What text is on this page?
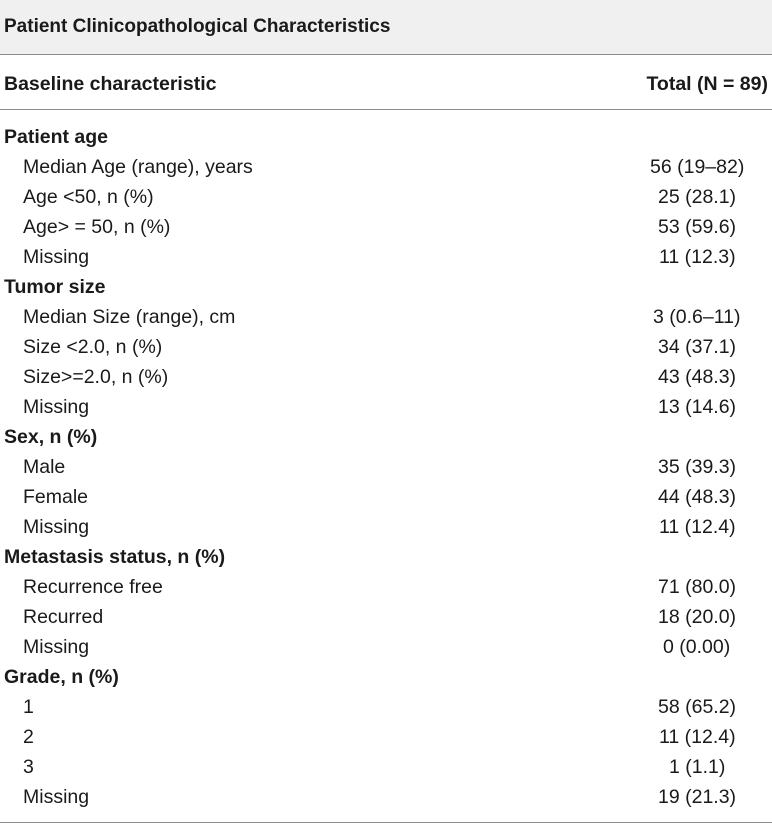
Patient Clinicopathological Characteristics
Baseline characteristic	Total (N = 89)
Patient age
Median Age (range), years	56 (19–82)
Age <50, n (%)	25 (28.1)
Age> = 50, n (%)	53 (59.6)
Missing	11 (12.3)
Tumor size
Median Size (range), cm	3 (0.6–11)
Size <2.0, n (%)	34 (37.1)
Size>=2.0, n (%)	43 (48.3)
Missing	13 (14.6)
Sex, n (%)
Male	35 (39.3)
Female	44 (48.3)
Missing	11 (12.4)
Metastasis status, n (%)
Recurrence free	71 (80.0)
Recurred	18 (20.0)
Missing	0 (0.00)
Grade, n (%)
1	58 (65.2)
2	11 (12.4)
3	1 (1.1)
Missing	19 (21.3)
